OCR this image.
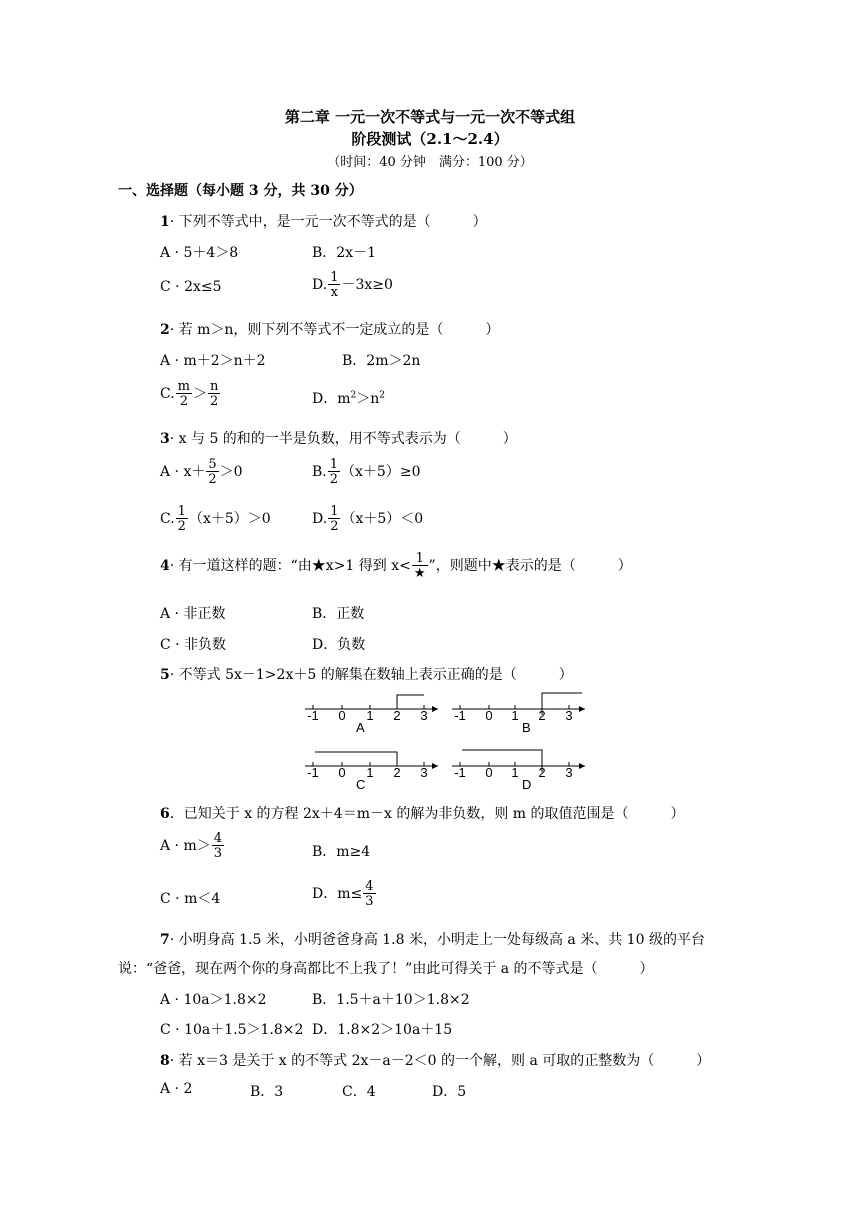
第二章 一元一次不等式与一元一次不等式组
阶段测试（2.1～2.4）
（时间：40 分钟　满分：100 分）
一、选择题（每小题 3 分，共 30 分）
1· 下列不等式中，是一元一次不等式的是（　　　）
A · 5＋4＞8	B．2x－1
C · 2x≤5	D. $\frac{1}{x} -3x\ge 0$
2· 若 m＞n，则下列不等式不一定成立的是（　　　）
A · m＋2＞n＋2	B．2m＞2n
C. $\frac{m}{2} > \frac{n}{2}$	D．$m^2>n^2$
3· x 与 5 的和的一半是负数，用不等式表示为（　　　）
$A \cdot x+ \frac{5}{2} >0$	B. $\frac{1}{2} (x+5)\ge 0$
C. $\frac{1}{2} (x+5)>0$	D. $\frac{1}{2} (x+5)<0$
4· 有一道这样的题：“由★x>1 得到 $x< \frac{1}{★}$ ”，则题中★表示的是（　　　）
A · 非正数	B．正数
C · 非负数	D．负数
5· 不等式 5x－1>2x＋5 的解集在数轴上表示正确的是（　　　）
-1 0 1 2 3
A
-1 0 1 2 3
B
-1 0 1 2 3
C
-1 0 1 2 3
D
6．已知关于 x 的方程 2x＋4＝m－x 的解为非负数，则 m 的取值范围是（　　　）
$A \cdot m> \frac{4}{3}$	B．m≥4
C · m＜4	D．$m\le \frac{4}{3}$
7· 小明身高 1.5 米，小明爸爸身高 1.8 米，小明走上一处每级高 a 米、共 10 级的平台
说：“爸爸，现在两个你的身高都比不上我了！”由此可得关于 a 的不等式是（　　　）
A · 10a＞1.8×2	B．1.5＋a＋10＞1.8×2
C · 10a＋1.5＞1.8×2 D．1.8×2＞10a＋15
8· 若 x＝3 是关于 x 的不等式 2x－a－2＜0 的一个解，则 a 可取的正整数为（　　　）
A · 2	B．3	C．4	D．5
